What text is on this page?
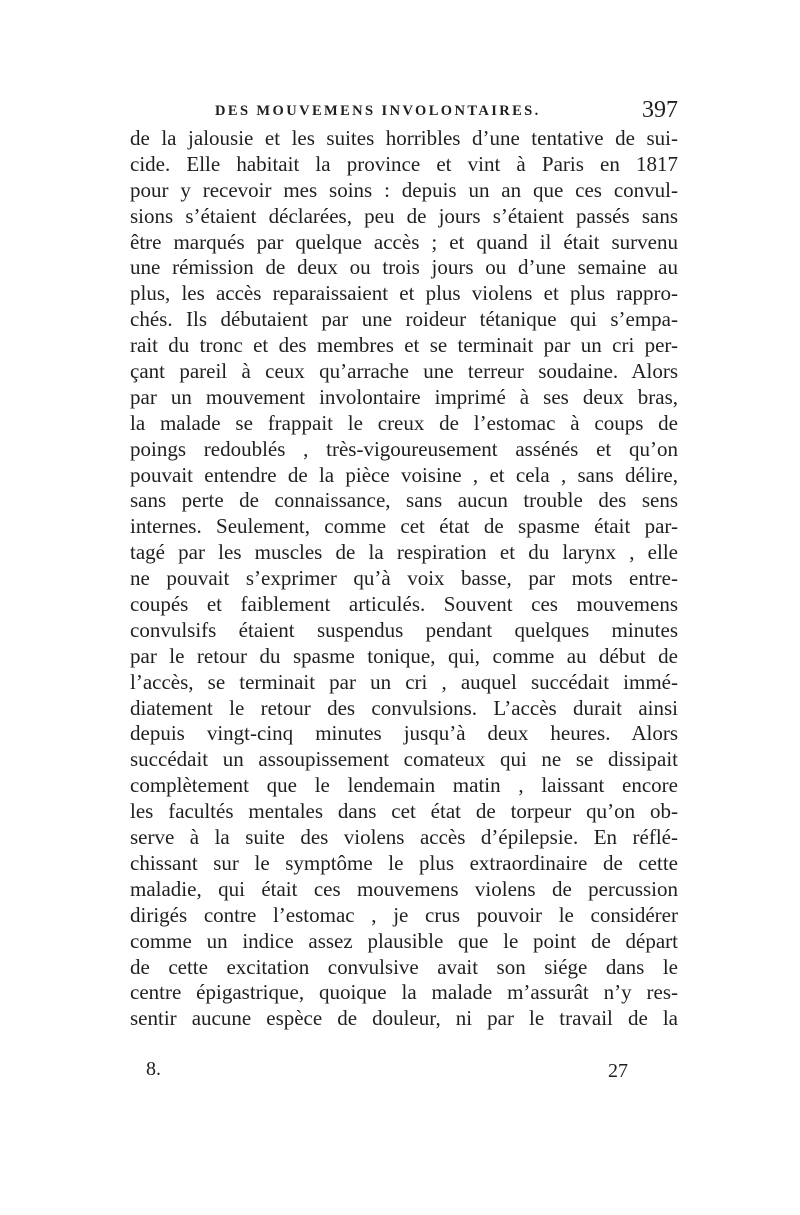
DES MOUVEMENS INVOLONTAIRES.	397
de la jalousie et les suites horribles d’une tentative de sui-
cide. Elle habitait la province et vint à Paris en 1817
pour y recevoir mes soins : depuis un an que ces convul-
sions s’étaient déclarées, peu de jours s’étaient passés sans
être marqués par quelque accès ; et quand il était survenu
une rémission de deux ou trois jours ou d’une semaine au
plus, les accès reparaissaient et plus violens et plus rappro-
chés. Ils débutaient par une roideur tétanique qui s’empa-
rait du tronc et des membres et se terminait par un cri per-
çant pareil à ceux qu’arrache une terreur soudaine. Alors
par un mouvement involontaire imprimé à ses deux bras,
la malade se frappait le creux de l’estomac à coups de
poings redoublés , très-vigoureusement assénés et qu’on
pouvait entendre de la pièce voisine , et cela , sans délire,
sans perte de connaissance, sans aucun trouble des sens
internes. Seulement, comme cet état de spasme était par-
tagé par les muscles de la respiration et du larynx , elle
ne pouvait s’exprimer qu’à voix basse, par mots entre-
coupés et faiblement articulés. Souvent ces mouvemens
convulsifs étaient suspendus pendant quelques minutes
par le retour du spasme tonique, qui, comme au début de
l’accès, se terminait par un cri , auquel succédait immé-
diatement le retour des convulsions. L’accès durait ainsi
depuis vingt-cinq minutes jusqu’à deux heures. Alors
succédait un assoupissement comateux qui ne se dissipait
complètement que le lendemain matin , laissant encore
les facultés mentales dans cet état de torpeur qu’on ob-
serve à la suite des violens accès d’épilepsie. En réflé-
chissant sur le symptôme le plus extraordinaire de cette
maladie, qui était ces mouvemens violens de percussion
dirigés contre l’estomac , je crus pouvoir le considérer
comme un indice assez plausible que le point de départ
de cette excitation convulsive avait son siége dans le
centre épigastrique, quoique la malade m’assurât n’y res-
sentir aucune espèce de douleur, ni par le travail de la
8.	27
